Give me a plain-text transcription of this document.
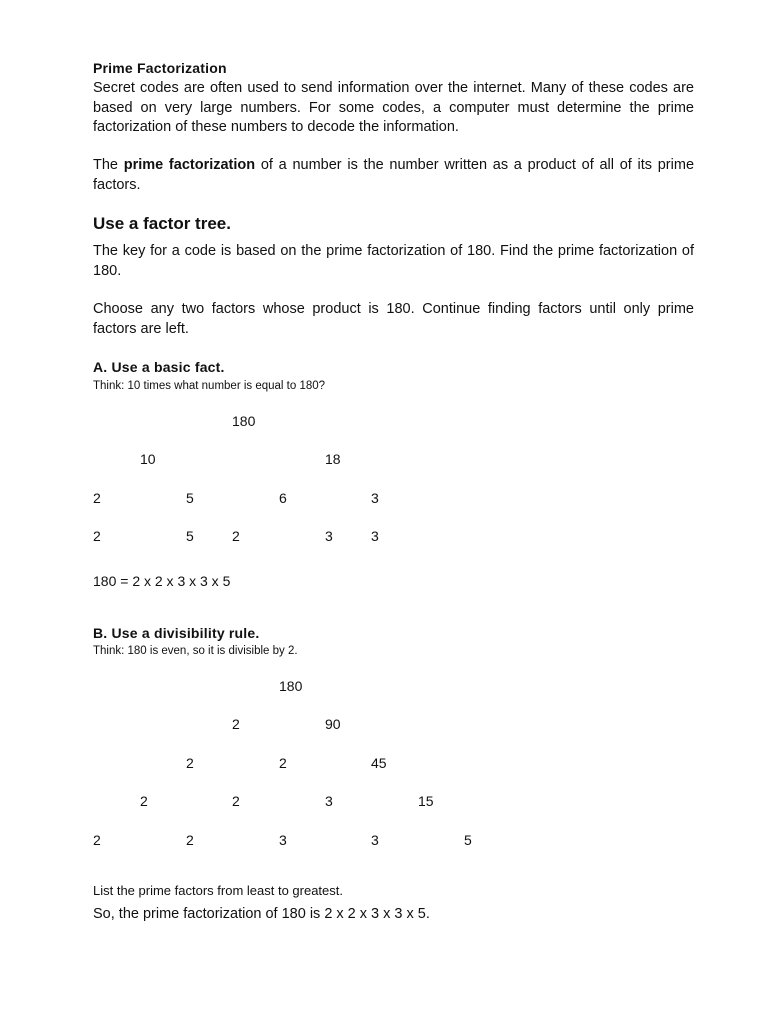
Prime Factorization

Secret codes are often used to send information over the internet. Many of these codes are based on very large numbers. For some codes, a computer must determine the prime factorization of these numbers to decode the information.

The prime factorization of a number is the number written as a product of all of its prime factors.

Use a factor tree.

The key for a code is based on the prime factorization of 180. Find the prime factorization of 180.

Choose any two factors whose product is 180. Continue finding factors until only prime factors are left.

A. Use a basic fact.

Think: 10 times what number is equal to 180?

180
10	18
2	5	6	3
2	5	2	3	3

180 = 2 x 2 x 3 x 3 x 5

B. Use a divisibility rule.

Think: 180 is even, so it is divisible by 2.

180
2	90
2	2	45
2	2	3	15
2	2	3	3	5

List the prime factors from least to greatest.

So, the prime factorization of 180 is 2 x 2 x 3 x 3 x 5.
